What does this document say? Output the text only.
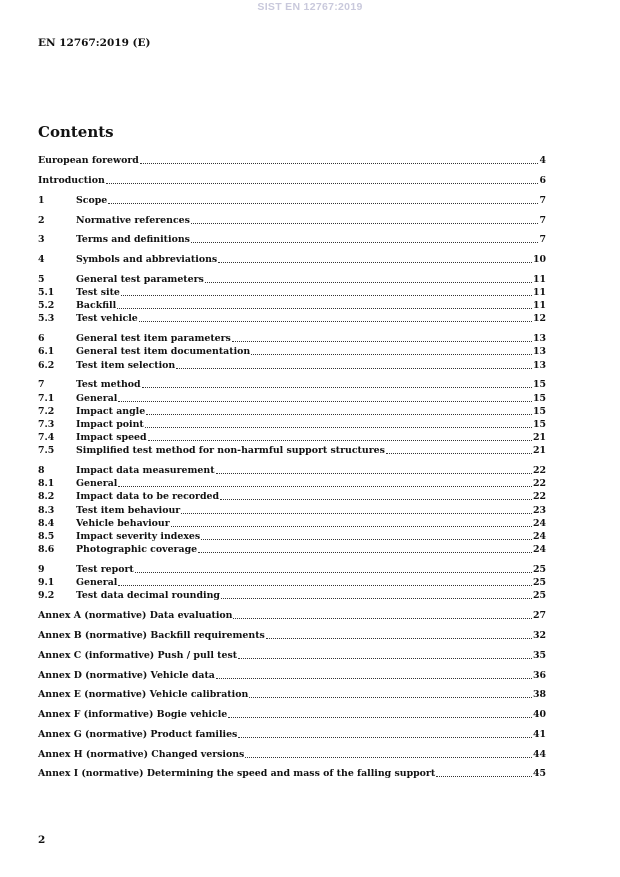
SIST EN 12767:2019
EN 12767:2019 (E)
Contents
European foreword	4
Introduction	6
1	Scope	7
2	Normative references	7
3	Terms and definitions	7
4	Symbols and abbreviations	10
5	General test parameters	11
5.1	Test site	11
5.2	Backfill	11
5.3	Test vehicle	12
6	General test item parameters	13
6.1	General test item documentation	13
6.2	Test item selection	13
7	Test method	15
7.1	General	15
7.2	Impact angle	15
7.3	Impact point	15
7.4	Impact speed	21
7.5	Simplified test method for non-harmful support structures	21
8	Impact data measurement	22
8.1	General	22
8.2	Impact data to be recorded	22
8.3	Test item behaviour	23
8.4	Vehicle behaviour	24
8.5	Impact severity indexes	24
8.6	Photographic coverage	24
9	Test report	25
9.1	General	25
9.2	Test data decimal rounding	25
Annex A (normative) Data evaluation	27
Annex B (normative) Backfill requirements	32
Annex C (informative) Push / pull test	35
Annex D (normative) Vehicle data	36
Annex E (normative) Vehicle calibration	38
Annex F (informative) Bogie vehicle	40
Annex G (normative) Product families	41
Annex H (normative) Changed versions	44
Annex I (normative) Determining the speed and mass of the falling support	45
2
